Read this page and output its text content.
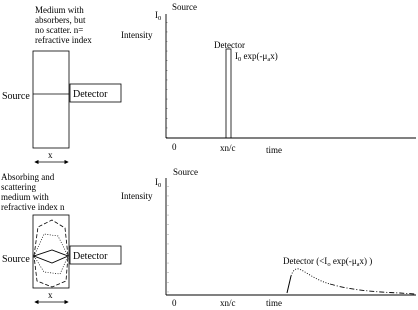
Medium with absorbers, but no scatter. n= refractive index
Source	Detector
x
$I_0$
Source
Intensity
Detector
$I_0$ $\exp(-\mu_ax)$
0	xn/c	time
Absorbing and scattering medium with refractive index n
Source	Detector
x
$I_0$
Source
Intensity
Detector ($<I_o$ $\exp(-\mu_ax)$ )
0	xn/c	time
